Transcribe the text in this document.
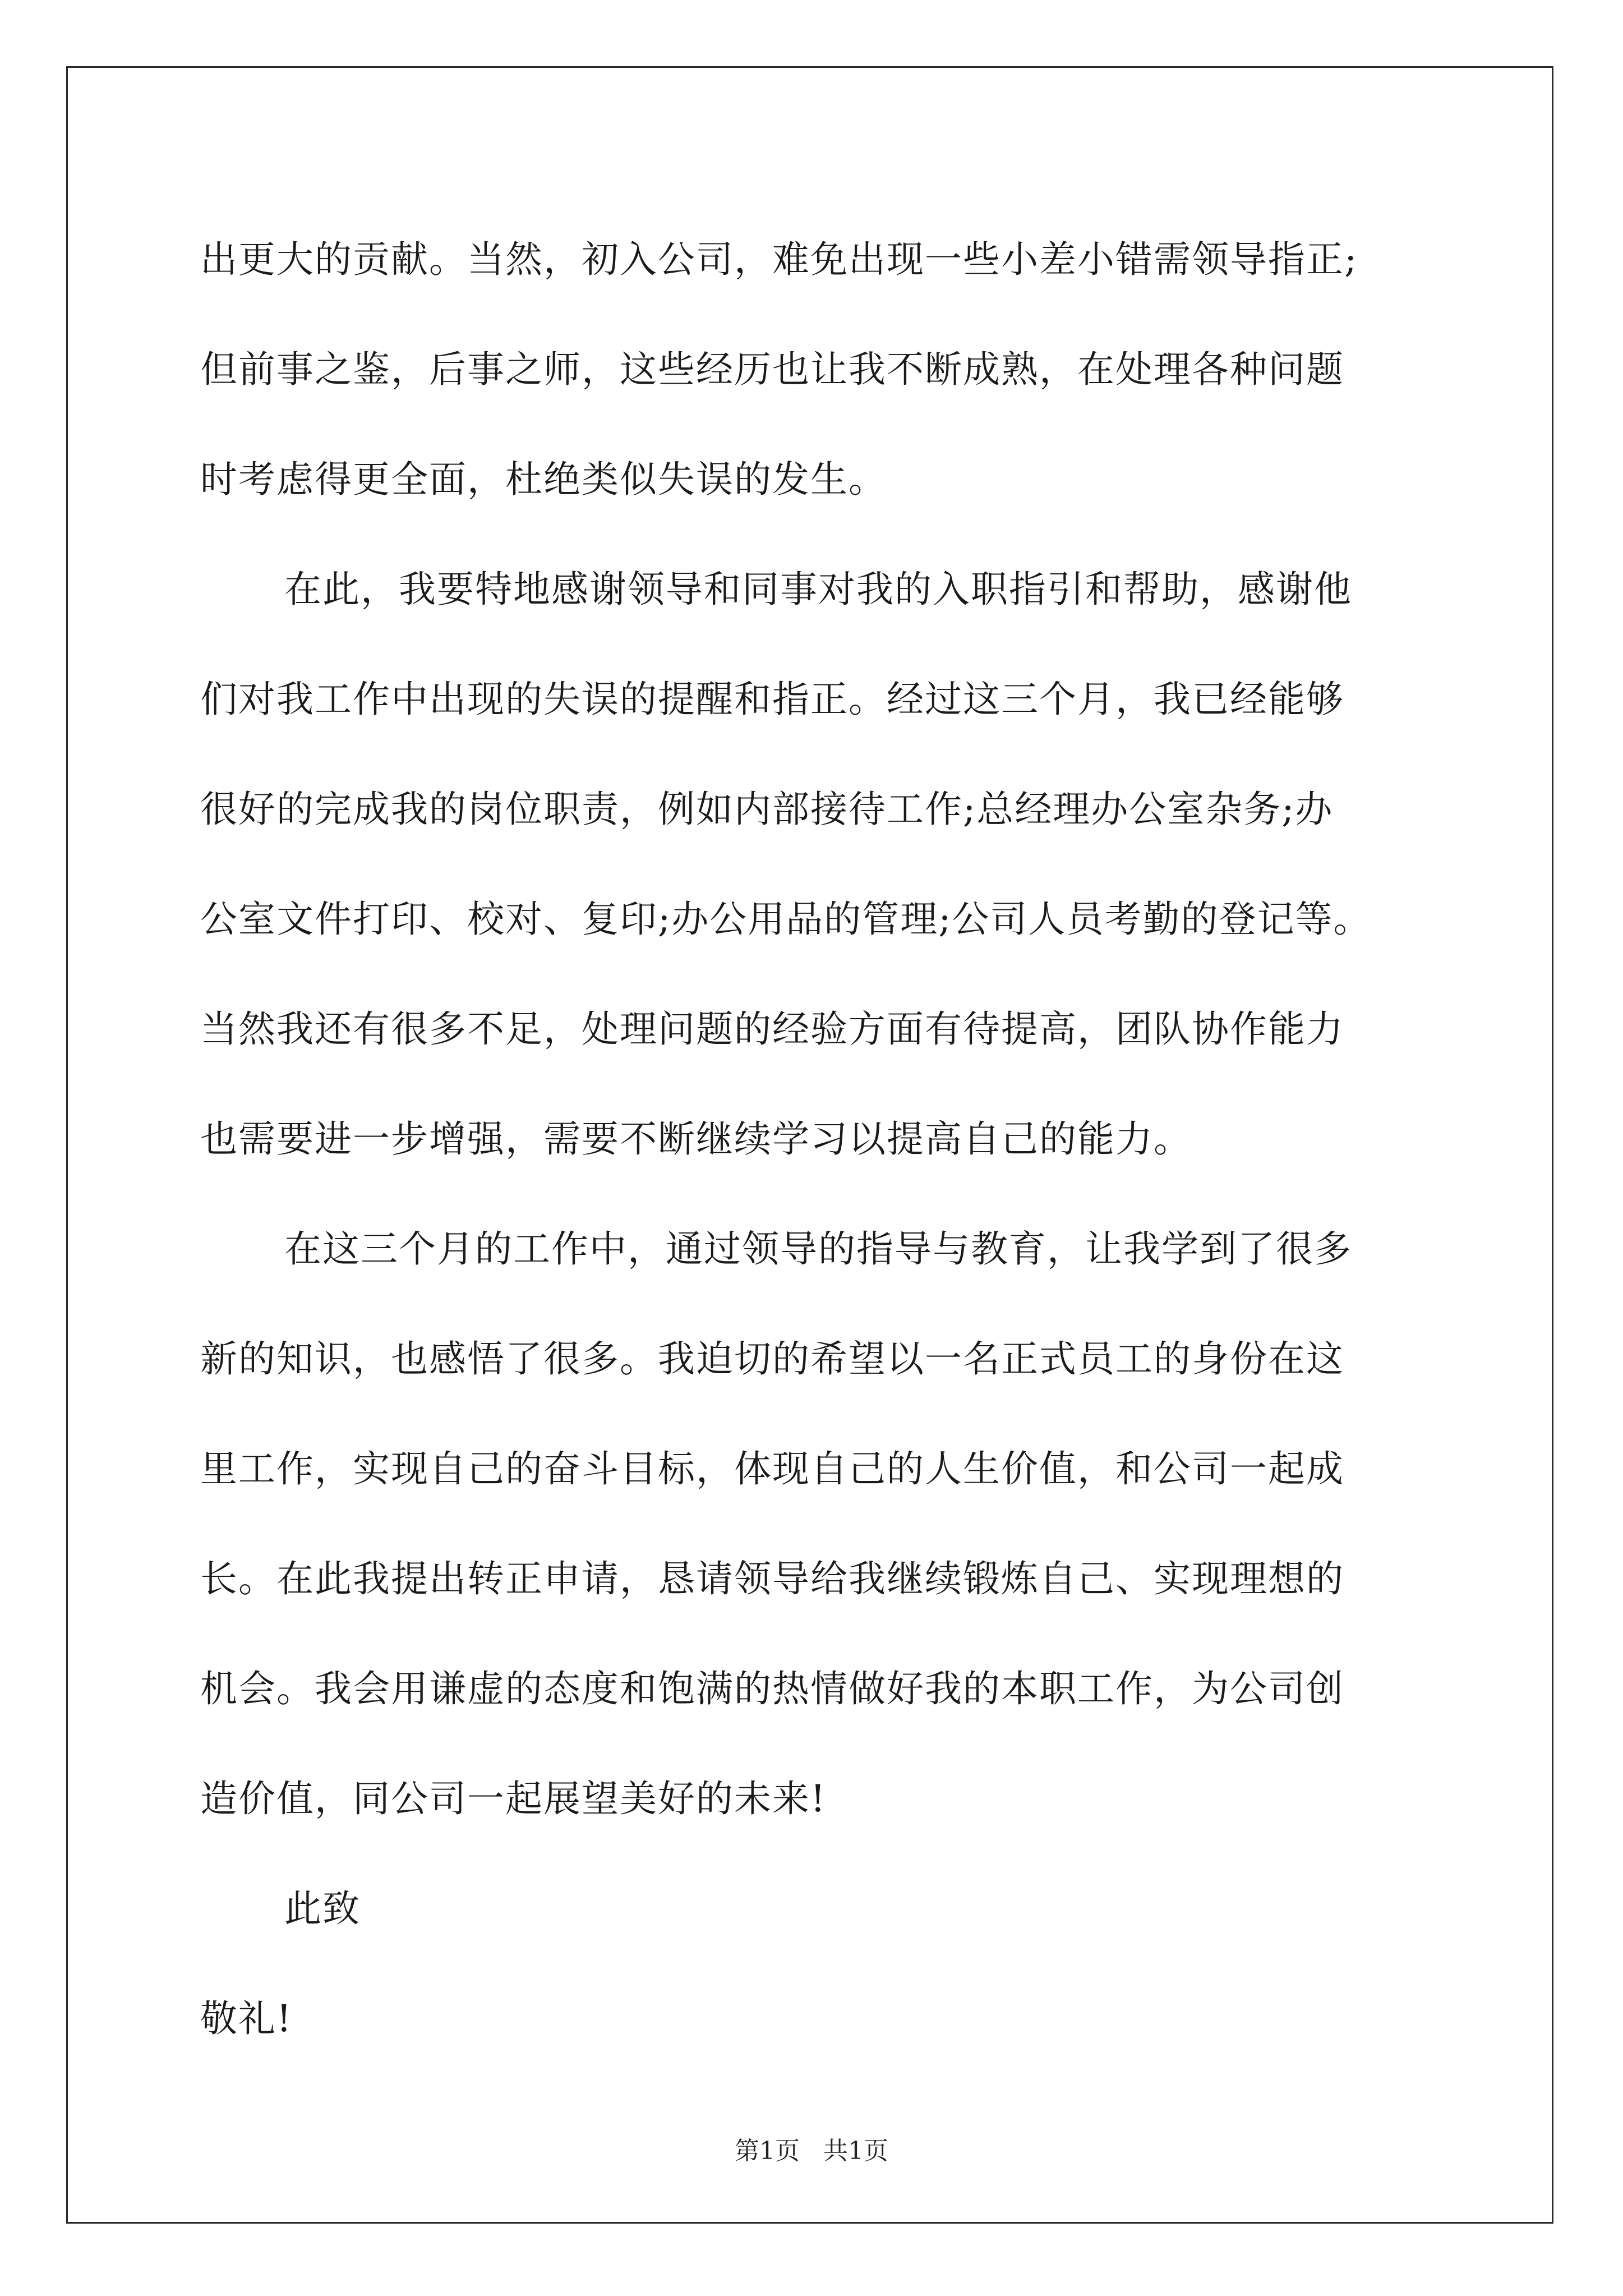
出更大的贡献。当然，初入公司，难免出现一些小差小错需领导指正;
但前事之鉴，后事之师，这些经历也让我不断成熟，在处理各种问题
时考虑得更全面，杜绝类似失误的发生。
在此，我要特地感谢领导和同事对我的入职指引和帮助，感谢他
们对我工作中出现的失误的提醒和指正。经过这三个月，我已经能够
很好的完成我的岗位职责，例如内部接待工作;总经理办公室杂务;办
公室文件打印、校对、复印;办公用品的管理;公司人员考勤的登记等。
当然我还有很多不足，处理问题的经验方面有待提高，团队协作能力
也需要进一步增强，需要不断继续学习以提高自己的能力。
在这三个月的工作中，通过领导的指导与教育，让我学到了很多
新的知识，也感悟了很多。我迫切的希望以一名正式员工的身份在这
里工作，实现自己的奋斗目标，体现自己的人生价值，和公司一起成
长。在此我提出转正申请，恳请领导给我继续锻炼自己、实现理想的
机会。我会用谦虚的态度和饱满的热情做好我的本职工作，为公司创
造价值，同公司一起展望美好的未来!
此致
敬礼!
第1页   共1页
